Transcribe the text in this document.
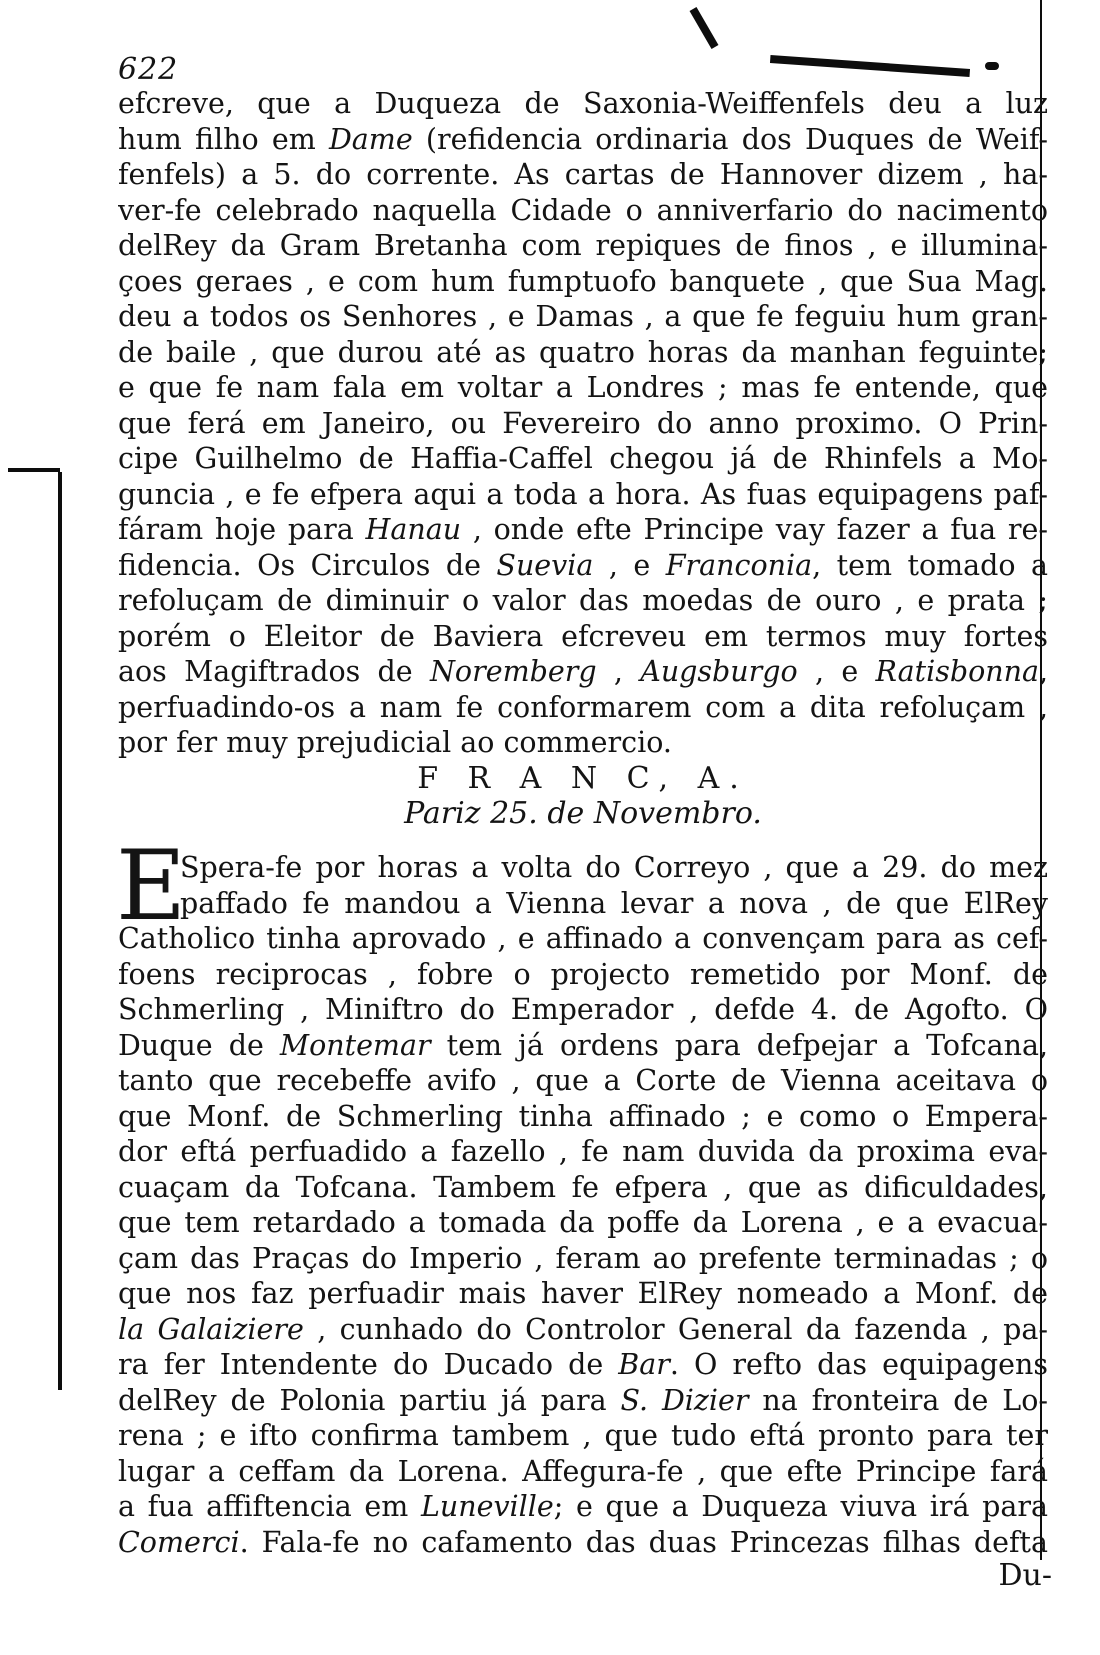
622
efcreve, que a Duqueza de Saxonia-Weiffenfels deu a luz
hum filho em Dame (refidencia ordinaria dos Duques de Weif-
fenfels) a 5. do corrente. As cartas de Hannover dizem , ha-
ver-fe celebrado naquella Cidade o anniverfario do nacimento
delRey da Gram Bretanha com repiques de finos , e illumina-
çoes geraes , e com hum fumptuofo banquete , que Sua Mag.
deu a todos os Senhores , e Damas , a que fe feguiu hum gran-
de baile , que durou até as quatro horas da manhan feguinte;
e que fe nam fala em voltar a Londres ; mas fe entende, que
que ferá em Janeiro, ou Fevereiro do anno proximo. O Prin-
cipe Guilhelmo de Haffia-Caffel chegou já de Rhinfels a Mo-
guncia , e fe efpera aqui a toda a hora. As fuas equipagens paf-
fáram hoje para Hanau , onde efte Principe vay fazer a fua re-
fidencia. Os Circulos de Suevia , e Franconia, tem tomado a
refoluçam de diminuir o valor das moedas de ouro , e prata ;
porém o Eleitor de Baviera efcreveu em termos muy fortes
aos Magiftrados de Noremberg , Augsburgo , e Ratisbonna,
perfuadindo-os a nam fe conformarem com a dita refoluçam ,
por fer muy prejudicial ao commercio.
F R A N C, A.
Pariz 25. de Novembro.
E
Spera-fe por horas a volta do Correyo , que a 29. do mez
paffado fe mandou a Vienna levar a nova , de que ElRey
Catholico tinha aprovado , e affinado a convençam para as cef-
foens reciprocas , fobre o projecto remetido por Monf. de
Schmerling , Miniftro do Emperador , defde 4. de Agofto. O
Duque de Montemar tem já ordens para defpejar a Tofcana,
tanto que recebeffe avifo , que a Corte de Vienna aceitava o
que Monf. de Schmerling tinha affinado ; e como o Empera-
dor eftá perfuadido a fazello , fe nam duvida da proxima eva-
cuaçam da Tofcana. Tambem fe efpera , que as dificuldades,
que tem retardado a tomada da poffe da Lorena , e a evacua-
çam das Praças do Imperio , feram ao prefente terminadas ; o
que nos faz perfuadir mais haver ElRey nomeado a Monf. de
la Galaiziere , cunhado do Controlor General da fazenda , pa-
ra fer Intendente do Ducado de Bar. O refto das equipagens
delRey de Polonia partiu já para S. Dizier na fronteira de Lo-
rena ; e ifto confirma tambem , que tudo eftá pronto para ter
lugar a ceffam da Lorena. Affegura-fe , que efte Principe fará
a fua affiftencia em Luneville; e que a Duqueza viuva irá para
Comerci. Fala-fe no cafamento das duas Princezas filhas defta
Du-
